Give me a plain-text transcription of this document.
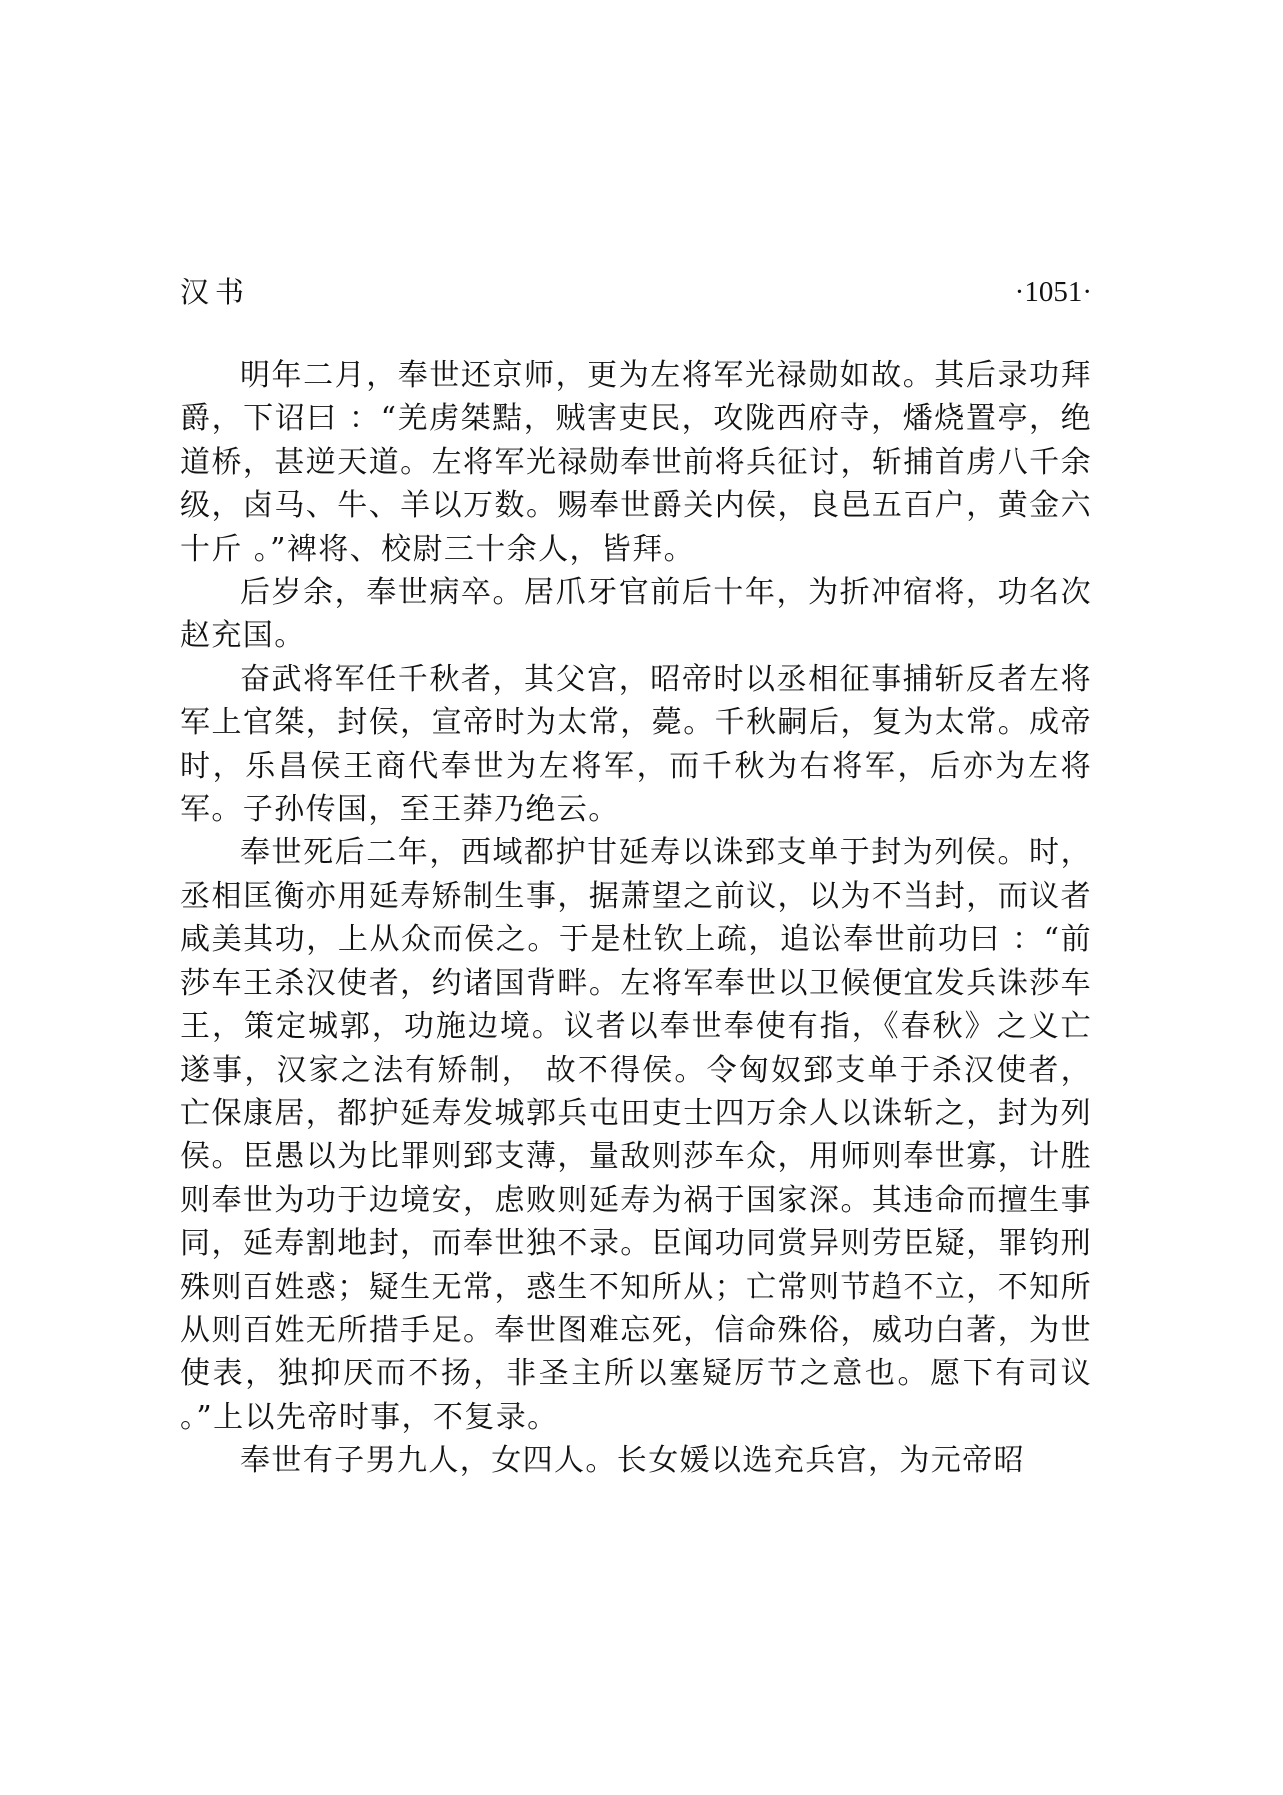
汉书	·1051·

明年二月，奉世还京师，更为左将军光禄勋如故。其后录功拜爵，下诏曰 ：“羌虏桀黠，贼害吏民，攻陇西府寺，燔烧置亭，绝道桥，甚逆天道。左将军光禄勋奉世前将兵征讨，斩捕首虏八千余级，卤马、牛、羊以万数。赐奉世爵关内侯，良邑五百户，黄金六十斤 。”裨将、校尉三十余人，皆拜。

后岁余，奉世病卒。居爪牙官前后十年，为折冲宿将，功名次赵充国。

奋武将军任千秋者，其父宫，昭帝时以丞相征事捕斩反者左将军上官桀，封侯，宣帝时为太常，薨。千秋嗣后，复为太常。成帝时，乐昌侯王商代奉世为左将军，而千秋为右将军，后亦为左将军。子孙传国，至王莽乃绝云。

奉世死后二年，西域都护甘延寿以诛郅支单于封为列侯。时，丞相匡衡亦用延寿矫制生事，据萧望之前议，以为不当封，而议者咸美其功，上从众而侯之。于是杜钦上疏，追讼奉世前功曰 ：“前莎车王杀汉使者，约诸国背畔。左将军奉世以卫候便宜发兵诛莎车王，策定城郭，功施边境。议者以奉世奉使有指，《春秋》之义亡遂事，汉家之法有矫制， 故不得侯。令匈奴郅支单于杀汉使者，亡保康居，都护延寿发城郭兵屯田吏士四万余人以诛斩之，封为列侯。臣愚以为比罪则郅支薄，量敌则莎车众，用师则奉世寡，计胜则奉世为功于边境安，虑败则延寿为祸于国家深。其违命而擅生事同，延寿割地封，而奉世独不录。臣闻功同赏异则劳臣疑，罪钧刑殊则百姓惑；疑生无常，惑生不知所从；亡常则节趋不立，不知所从则百姓无所措手足。奉世图难忘死，信命殊俗，威功白著，为世使表，独抑厌而不扬，非圣主所以塞疑厉节之意也。愿下有司议 。”上以先帝时事，不复录。

奉世有子男九人，女四人。长女媛以选充兵宫，为元帝昭
